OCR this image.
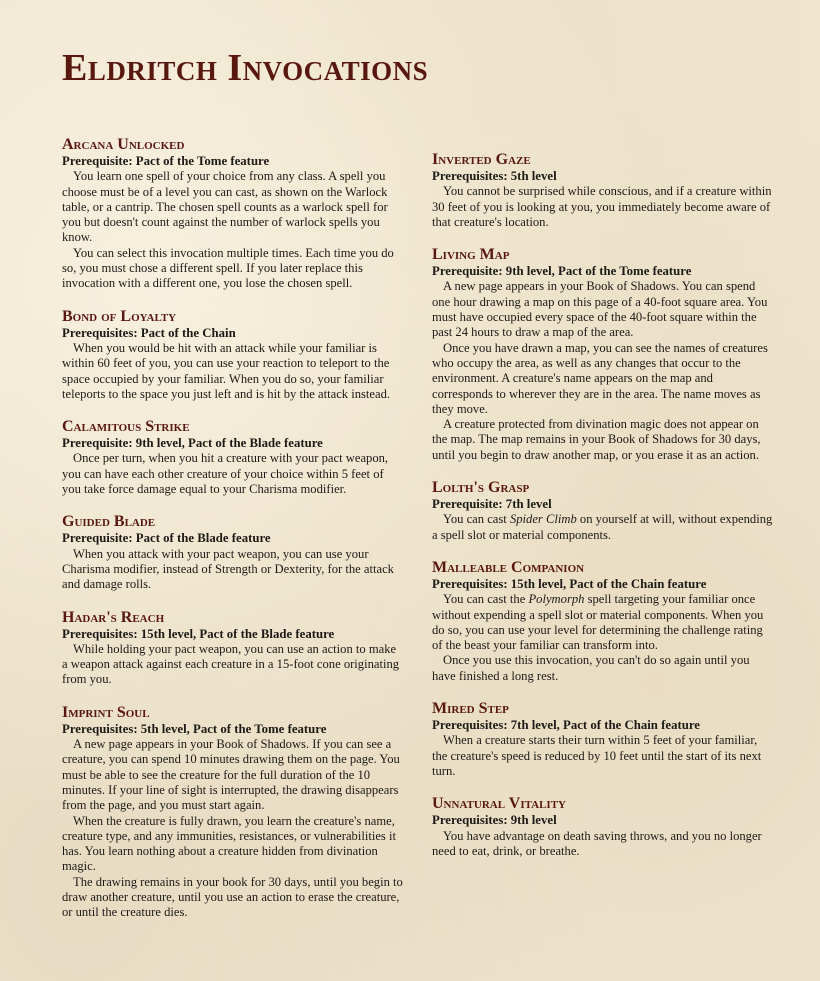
Eldritch Invocations
Arcana Unlocked
Prerequisite: Pact of the Tome feature

You learn one spell of your choice from any class. A spell you choose must be of a level you can cast, as shown on the Warlock table, or a cantrip. The chosen spell counts as a warlock spell for you but doesn't count against the number of warlock spells you know.

You can select this invocation multiple times. Each time you do so, you must chose a different spell. If you later replace this invocation with a different one, you lose the chosen spell.

Bond of Loyalty
Prerequisites: Pact of the Chain

When you would be hit with an attack while your familiar is within 60 feet of you, you can use your reaction to teleport to the space occupied by your familiar. When you do so, your familiar teleports to the space you just left and is hit by the attack instead.

Calamitous Strike
Prerequisite: 9th level, Pact of the Blade feature

Once per turn, when you hit a creature with your pact weapon, you can have each other creature of your choice within 5 feet of you take force damage equal to your Charisma modifier.

Guided Blade
Prerequisite: Pact of the Blade feature

When you attack with your pact weapon, you can use your Charisma modifier, instead of Strength or Dexterity, for the attack and damage rolls.

Hadar's Reach
Prerequisites: 15th level, Pact of the Blade feature

While holding your pact weapon, you can use an action to make a weapon attack against each creature in a 15-foot cone originating from you.

Imprint Soul
Prerequisites: 5th level, Pact of the Tome feature

A new page appears in your Book of Shadows. If you can see a creature, you can spend 10 minutes drawing them on the page. You must be able to see the creature for the full duration of the 10 minutes. If your line of sight is interrupted, the drawing disappears from the page, and you must start again.

When the creature is fully drawn, you learn the creature's name, creature type, and any immunities, resistances, or vulnerabilities it has. You learn nothing about a creature hidden from divination magic.

The drawing remains in your book for 30 days, until you begin to draw another creature, until you use an action to erase the creature, or until the creature dies.

Inverted Gaze
Prerequisites: 5th level

You cannot be surprised while conscious, and if a creature within 30 feet of you is looking at you, you immediately become aware of that creature's location.

Living Map
Prerequisite: 9th level, Pact of the Tome feature

A new page appears in your Book of Shadows. You can spend one hour drawing a map on this page of a 40-foot square area. You must have occupied every space of the 40-foot square within the past 24 hours to draw a map of the area.

Once you have drawn a map, you can see the names of creatures who occupy the area, as well as any changes that occur to the environment. A creature's name appears on the map and corresponds to wherever they are in the area. The name moves as they move.

A creature protected from divination magic does not appear on the map. The map remains in your Book of Shadows for 30 days, until you begin to draw another map, or you erase it as an action.

Lolth's Grasp
Prerequisite: 7th level

You can cast Spider Climb on yourself at will, without expending a spell slot or material components.

Malleable Companion
Prerequisites: 15th level, Pact of the Chain feature

You can cast the Polymorph spell targeting your familiar once without expending a spell slot or material components. When you do so, you can use your level for determining the challenge rating of the beast your familiar can transform into.

Once you use this invocation, you can't do so again until you have finished a long rest.

Mired Step
Prerequisites: 7th level, Pact of the Chain feature

When a creature starts their turn within 5 feet of your familiar, the creature's speed is reduced by 10 feet until the start of its next turn.

Unnatural Vitality
Prerequisites: 9th level

You have advantage on death saving throws, and you no longer need to eat, drink, or breathe.
